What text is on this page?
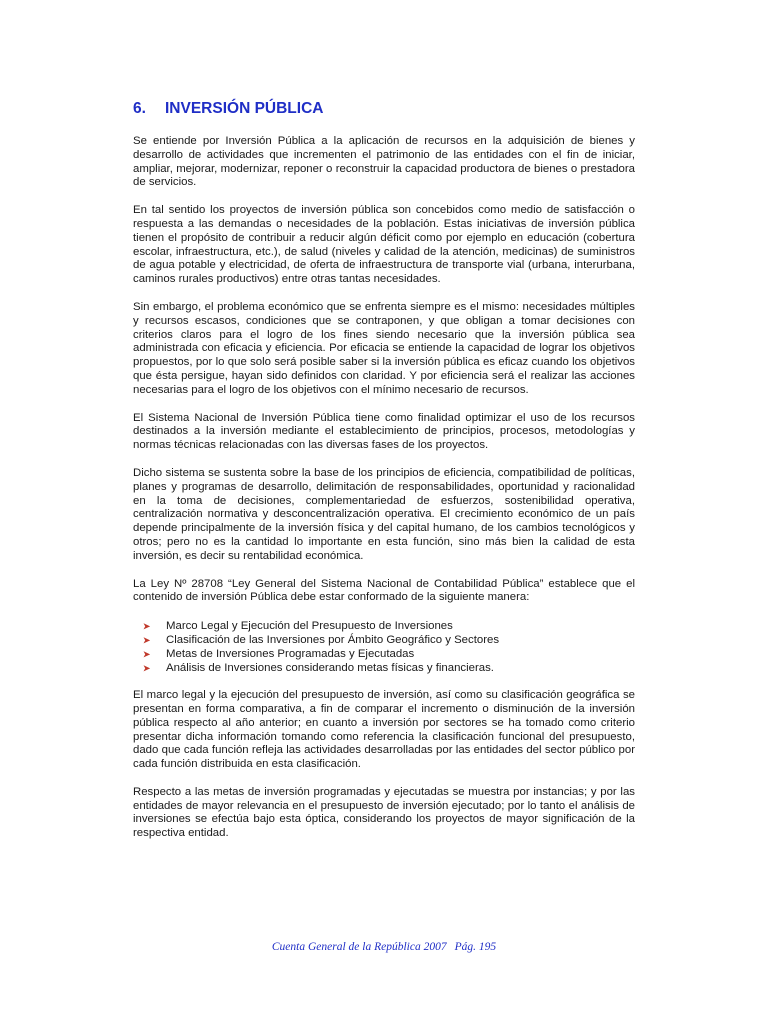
6.	INVERSIÓN PÚBLICA

Se entiende por Inversión Pública a la aplicación de recursos en la adquisición de bienes y desarrollo de actividades que incrementen el patrimonio de las entidades con el fin de iniciar, ampliar, mejorar, modernizar, reponer o reconstruir la capacidad productora de bienes o prestadora de servicios.

En tal sentido los proyectos de inversión pública son concebidos como medio de satisfacción o respuesta a las demandas o necesidades de la población. Estas iniciativas de inversión pública tienen el propósito de contribuir a reducir algún déficit como por ejemplo en educación (cobertura escolar, infraestructura, etc.), de salud (niveles y calidad de la atención, medicinas) de suministros de agua potable y electricidad, de oferta de infraestructura de transporte vial (urbana, interurbana, caminos rurales productivos) entre otras tantas necesidades.

Sin embargo, el problema económico que se enfrenta siempre es el mismo: necesidades múltiples y recursos escasos, condiciones que se contraponen, y que obligan a tomar decisiones con criterios claros para el logro de los fines siendo necesario que la inversión pública sea administrada con eficacia y eficiencia. Por eficacia se entiende la capacidad de lograr los objetivos propuestos, por lo que solo será posible saber si la inversión pública es eficaz cuando los objetivos que ésta persigue, hayan sido definidos con claridad. Y por eficiencia será el realizar las acciones necesarias para el logro de los objetivos con el mínimo necesario de recursos.

El Sistema Nacional de Inversión Pública tiene como finalidad optimizar el uso de los recursos destinados a la inversión mediante el establecimiento de principios, procesos, metodologías y normas técnicas relacionadas con las diversas fases de los proyectos.

Dicho sistema se sustenta sobre la base de los principios de eficiencia, compatibilidad de políticas, planes y programas de desarrollo, delimitación de responsabilidades, oportunidad y racionalidad en la toma de decisiones, complementariedad de esfuerzos, sostenibilidad operativa, centralización normativa y desconcentralización operativa. El crecimiento económico de un país depende principalmente de la inversión física y del capital humano, de los cambios tecnológicos y otros; pero no es la cantidad lo importante en esta función, sino más bien la calidad de esta inversión, es decir su rentabilidad económica.

La Ley Nº 28708 “Ley General del Sistema Nacional de Contabilidad Pública” establece que el contenido de inversión Pública debe estar conformado de la siguiente manera:

➤	Marco Legal y Ejecución del Presupuesto de Inversiones
➤	Clasificación de las Inversiones por Ámbito Geográfico y Sectores
➤	Metas de Inversiones Programadas y Ejecutadas
➤	Análisis de Inversiones considerando metas físicas y financieras.

El marco legal y la ejecución del presupuesto de inversión, así como su clasificación geográfica se presentan en forma comparativa, a fin de comparar el incremento o disminución de la inversión pública respecto al año anterior; en cuanto a inversión por sectores se ha tomado como criterio presentar dicha información tomando como referencia la clasificación funcional del presupuesto, dado que cada función refleja las actividades desarrolladas por las entidades del sector público por cada función distribuida en esta clasificación.

Respecto a las metas de inversión programadas y ejecutadas se muestra por instancias; y por las entidades de mayor relevancia en el presupuesto de inversión ejecutado; por lo tanto el análisis de inversiones se efectúa bajo esta óptica, considerando los proyectos de mayor significación de la respectiva entidad.

Cuenta General de la República 2007 Pág. 195
